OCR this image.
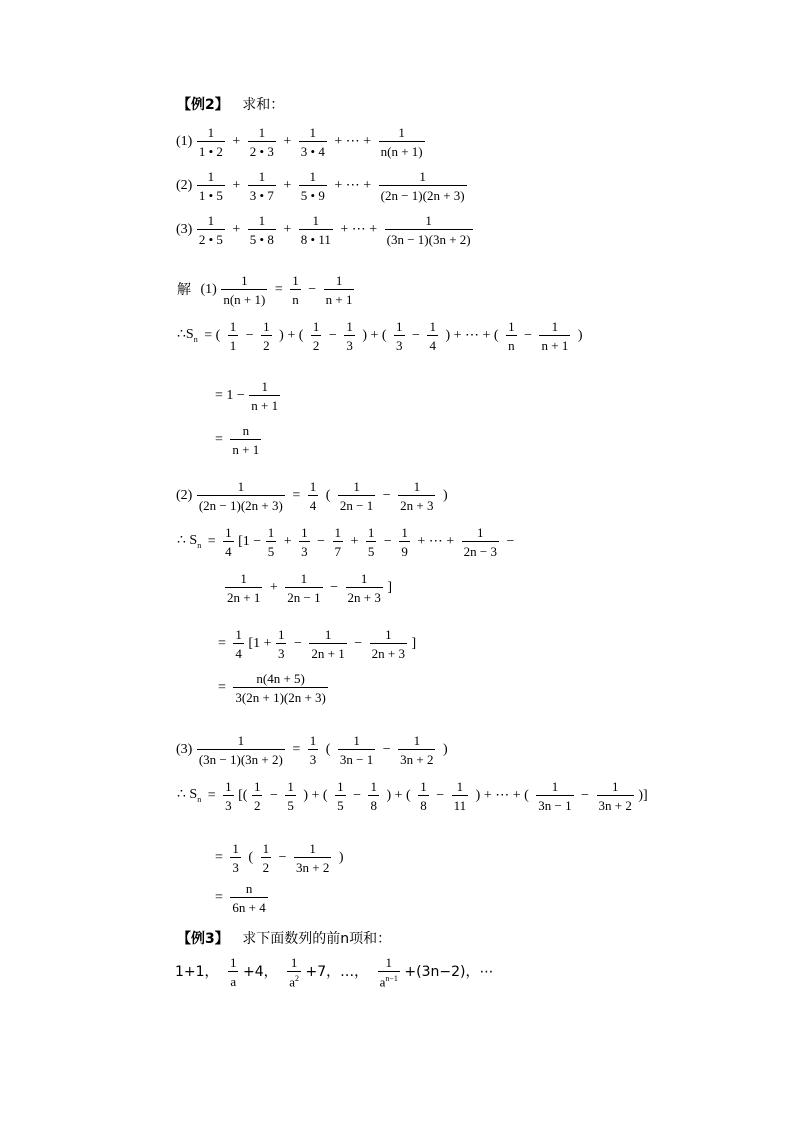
【例2】 求和：
$(1) \frac{1}{1 • 2} + \frac{1}{2 • 3} + \frac{1}{3 • 4}$ + ⋯ + $\frac{1}{n(n + 1)}$
$(2) \frac{1}{1 • 5} + \frac{1}{3 • 7} + \frac{1}{5 • 9}$ + ⋯ + $\frac{1}{(2n - 1)(2n + 3)}$
$(3) \frac{1}{2 • 5} + \frac{1}{5 • 8} + \frac{1}{8 • 11}$ + ⋯ + $\frac{1}{(3n - 1)(3n + 2)}$
解 $(1) \frac{1}{n(n + 1)} = \frac{1}{n} - \frac{1}{n + 1}$
$\therefore S_n$ = ( $\frac{1}{1} - \frac{1}{2}$ ) + ( $\frac{1}{2} - \frac{1}{3}$ ) + ( $\frac{1}{3} - \frac{1}{4}$ ) + ⋯ + ( $\frac{1}{n} - \frac{1}{n + 1}$ )
= $1 - \frac{1}{n + 1}$
= $\frac{n}{n + 1}$
$(2) \frac{1}{(2n - 1)(2n + 3)} = \frac{1}{4}$ ( $\frac{1}{2n - 1} - \frac{1}{2n + 3}$ )
∴ $S_n = \frac{1}{4} [1 - \frac{1}{5} + \frac{1}{3} - \frac{1}{7} + \frac{1}{5} - \frac{1}{9}$ + ⋯ + $\frac{1}{2n - 3}$ −
$\frac{1}{2n + 1} + \frac{1}{2n - 1} - \frac{1}{2n + 3}$ ]
= $\frac{1}{4} [1 + \frac{1}{3} - \frac{1}{2n + 1} - \frac{1}{2n + 3}$ ]
= $\frac{n(4n + 5)}{3(2n + 1)(2n + 3)}$
$(3) \frac{1}{(3n - 1)(3n + 2)} = \frac{1}{3}$ ( $\frac{1}{3n - 1} - \frac{1}{3n + 2}$ )
∴ $S_n = \frac{1}{3}$ [( $\frac{1}{2} - \frac{1}{5}$ ) + ( $\frac{1}{5} - \frac{1}{8}$ ) + ( $\frac{1}{8} - \frac{1}{11}$ ) + ⋯ + ( $\frac{1}{3n - 1} - \frac{1}{3n + 2}$ )]
= $\frac{1}{3}$ ( $\frac{1}{2} - \frac{1}{3n + 2}$ )
= $\frac{n}{6n + 4}$
【例3】 求下面数列的前n项和：
1+1， $\frac{1}{a} +4$， $\frac{1}{a^2} +7$，…， $\frac{1}{a^{n-1}} +(3n-2)$，⋯
